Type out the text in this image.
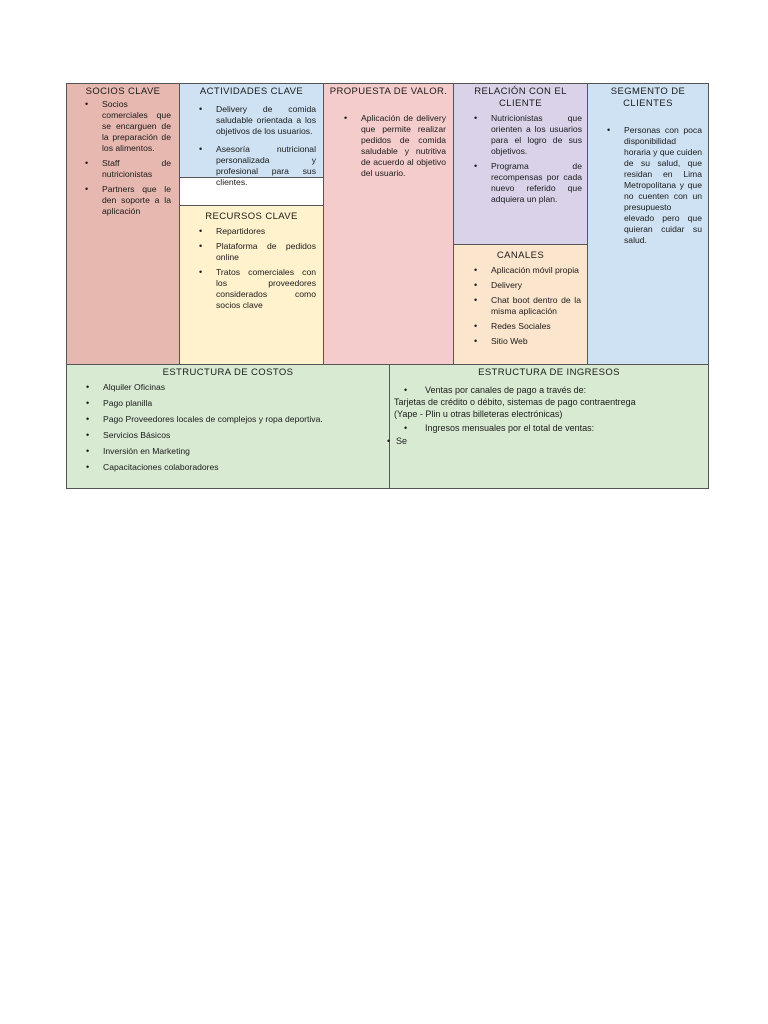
SOCIOS CLAVE
• Socios comerciales que se encarguen de la preparación de los alimentos.
• Staff de nutricionistas
• Partners que le den soporte a la aplicación
ACTIVIDADES CLAVE
• Delivery de comida saludable orientada a los objetivos de los usuarios.
• Asesoría nutricional personalizada y profesional para sus clientes.
RECURSOS CLAVE
• Repartidores
• Plataforma de pedidos online
• Tratos comerciales con los proveedores considerados como socios clave
PROPUESTA DE VALOR.
• Aplicación de delivery que permite realizar pedidos de comida saludable y nutritiva de acuerdo al objetivo del usuario.
RELACIÓN CON EL CLIENTE
• Nutricionistas que orienten a los usuarios para el logro de sus objetivos.
• Programa de recompensas por cada nuevo referido que adquiera un plan.
CANALES
• Aplicación móvil propia
• Delivery
• Chat boot dentro de la misma aplicación
• Redes Sociales
• Sitio Web
SEGMENTO DE CLIENTES
• Personas con poca disponibilidad horaria y que cuiden de su salud, que residan en Lima Metropolitana y que no cuenten con un presupuesto elevado pero que quieran cuidar su salud.
ESTRUCTURA DE COSTOS
• Alquiler Oficinas
• Pago planilla
• Pago Proveedores locales de complejos y ropa deportiva.
• Servicios Básicos
• Inversión en Marketing
• Capacitaciones colaboradores
ESTRUCTURA DE INGRESOS
• Ventas por canales de pago a través de:
Tarjetas de crédito o débito, sistemas de pago contraentrega
(Yape - Plin u otras billeteras electrónicas)
• Ingresos mensuales por el total de ventas:
• Se
